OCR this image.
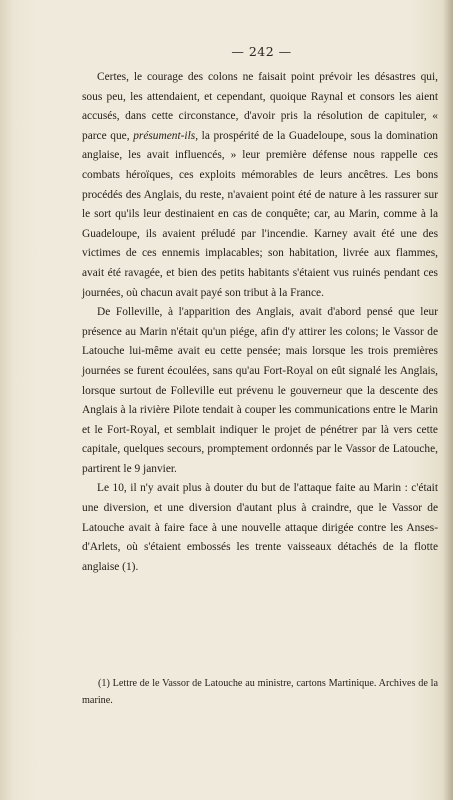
— 242 —

Certes, le courage des colons ne faisait point prévoir les désastres qui, sous peu, les attendaient, et cependant, quoique Raynal et consors les aient accusés, dans cette circonstance, d'avoir pris la résolution de capituler, « parce que, présument-ils, la prospérité de la Guadeloupe, sous la domination anglaise, les avait influencés, » leur première défense nous rappelle ces combats héroïques, ces exploits mémorables de leurs ancêtres. Les bons procédés des Anglais, du reste, n'avaient point été de nature à les rassurer sur le sort qu'ils leur destinaient en cas de conquête; car, au Marin, comme à la Guadeloupe, ils avaient préludé par l'incendie. Karney avait été une des victimes de ces ennemis implacables; son habitation, livrée aux flammes, avait été ravagée, et bien des petits habitants s'étaient vus ruinés pendant ces journées, où chacun avait payé son tribut à la France.

De Folleville, à l'apparition des Anglais, avait d'abord pensé que leur présence au Marin n'était qu'un piége, afin d'y attirer les colons; le Vassor de Latouche lui-même avait eu cette pensée; mais lorsque les trois premières journées se furent écoulées, sans qu'au Fort-Royal on eût signalé les Anglais, lorsque surtout de Folleville eut prévenu le gouverneur que la descente des Anglais à la rivière Pilote tendait à couper les communications entre le Marin et le Fort-Royal, et semblait indiquer le projet de pénétrer par là vers cette capitale, quelques secours, promptement ordonnés par le Vassor de Latouche, partirent le 9 janvier.

Le 10, il n'y avait plus à douter du but de l'attaque faite au Marin : c'était une diversion, et une diversion d'autant plus à craindre, que le Vassor de Latouche avait à faire face à une nouvelle attaque dirigée contre les Anses-d'Arlets, où s'étaient embossés les trente vaisseaux détachés de la flotte anglaise (1).

(1) Lettre de le Vassor de Latouche au ministre, cartons Martinique. Archives de la marine.
